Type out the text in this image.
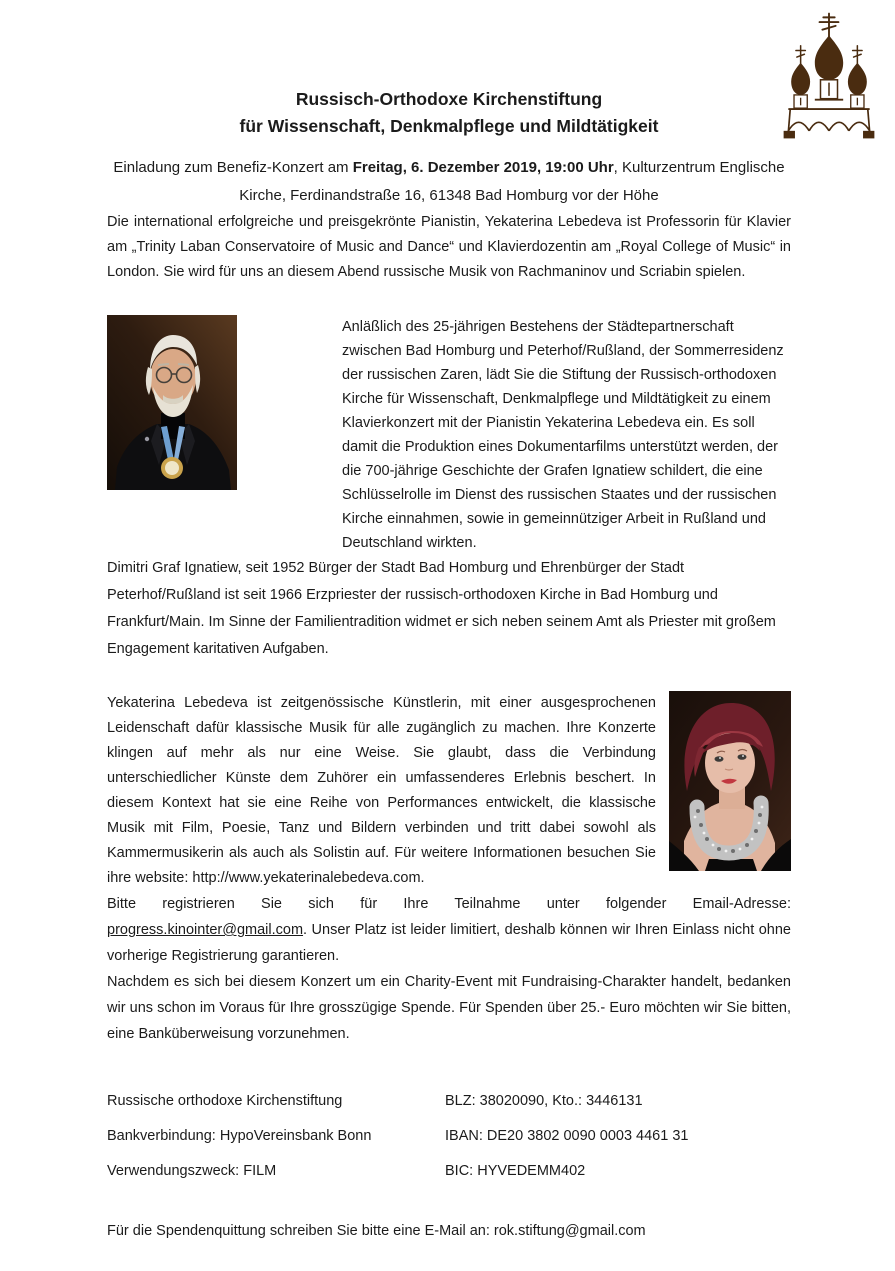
Russisch-Orthodoxe Kirchenstiftung
für Wissenschaft, Denkmalpflege und Mildtätigkeit
Einladung zum Benefiz-Konzert am Freitag, 6. Dezember 2019, 19:00 Uhr, Kulturzentrum Englische Kirche, Ferdinandstraße 16, 61348 Bad Homburg vor der Höhe

Die international erfolgreiche und preisgekrönte Pianistin, Yekaterina Lebedeva ist Professorin für Klavier am „Trinity Laban Conservatoire of Music and Dance“ und Klavierdozentin am „Royal College of Music“ in London. Sie wird für uns an diesem Abend russische Musik von Rachmaninov und Scriabin spielen.

Anläßlich des 25-jährigen Bestehens der Städtepartnerschaft zwischen Bad Homburg und Peterhof/Rußland, der Sommerresidenz der russischen Zaren, lädt Sie die Stiftung der Russisch-orthodoxen Kirche für Wissenschaft, Denkmalpflege und Mildtätigkeit zu einem Klavierkonzert mit der Pianistin Yekaterina Lebedeva ein. Es soll damit die Produktion eines Dokumentarfilms unterstützt werden, der die 700-jährige Geschichte der Grafen Ignatiew schildert, die eine Schlüsselrolle im Dienst des russischen Staates und der russischen Kirche einnahmen, sowie in gemeinnütziger Arbeit in Rußland und Deutschland wirkten.

Dimitri Graf Ignatiew, seit 1952 Bürger der Stadt Bad Homburg und Ehrenbürger der Stadt Peterhof/Rußland ist seit 1966 Erzpriester der russisch-orthodoxen Kirche in Bad Homburg und Frankfurt/Main. Im Sinne der Familientradition widmet er sich neben seinem Amt als Priester mit großem Engagement karitativen Aufgaben.

Yekaterina Lebedeva ist zeitgenössische Künstlerin, mit einer ausgesprochenen Leidenschaft dafür klassische Musik für alle zugänglich zu machen. Ihre Konzerte klingen auf mehr als nur eine Weise. Sie glaubt, dass die Verbindung unterschiedlicher Künste dem Zuhörer ein umfassenderes Erlebnis beschert. In diesem Kontext hat sie eine Reihe von Performances entwickelt, die klassische Musik mit Film, Poesie, Tanz und Bildern verbinden und tritt dabei sowohl als Kammermusikerin als auch als Solistin auf. Für weitere Informationen besuchen Sie ihre website: http://www.yekaterinalebedeva.com.

Bitte registrieren Sie sich für Ihre Teilnahme unter folgender Email-Adresse: progress.kinointer@gmail.com. Unser Platz ist leider limitiert, deshalb können wir Ihren Einlass nicht ohne vorherige Registrierung garantieren.

Nachdem es sich bei diesem Konzert um ein Charity-Event mit Fundraising-Charakter handelt, bedanken wir uns schon im Voraus für Ihre grosszügige Spende. Für Spenden über 25.- Euro möchten wir Sie bitten, eine Banküberweisung vorzunehmen.

Russische orthodoxe Kirchenstiftung	BLZ: 38020090, Kto.: 3446131
Bankverbindung: HypoVereinsbank Bonn	IBAN: DE20 3802 0090 0003 4461 31
Verwendungszweck: FILM	BIC: HYVEDEMM402

Für die Spendenquittung schreiben Sie bitte eine E-Mail an: rok.stiftung@gmail.com
